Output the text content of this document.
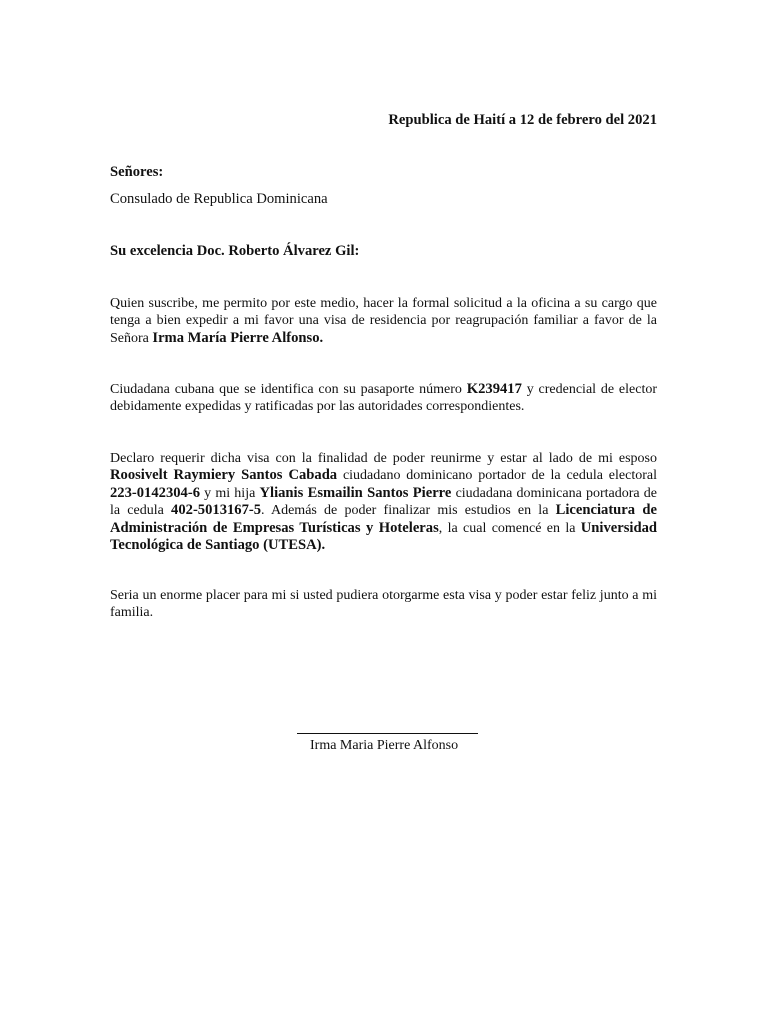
Republica de Haití a 12 de febrero del 2021
Señores:
Consulado de Republica Dominicana
Su excelencia Doc. Roberto Álvarez Gil:
Quien suscribe, me permito por este medio, hacer la formal solicitud a la oficina a su cargo que tenga a bien expedir a mi favor una visa de residencia por reagrupación familiar a favor de la Señora Irma María Pierre Alfonso.
Ciudadana cubana que se identifica con su pasaporte número K239417 y credencial de elector debidamente expedidas y ratificadas por las autoridades correspondientes.
Declaro requerir dicha visa con la finalidad de poder reunirme y estar al lado de mi esposo Roosivelt Raymiery Santos Cabada ciudadano dominicano portador de la cedula electoral 223-0142304-6 y mi hija Ylianis Esmailin Santos Pierre ciudadana dominicana portadora de la cedula 402-5013167-5. Además de poder finalizar mis estudios en la Licenciatura de Administración de Empresas Turísticas y Hoteleras, la cual comencé en la Universidad Tecnológica de Santiago (UTESA).
Seria un enorme placer para mi si usted pudiera otorgarme esta visa y poder estar feliz junto a mi familia.
Irma Maria Pierre Alfonso
